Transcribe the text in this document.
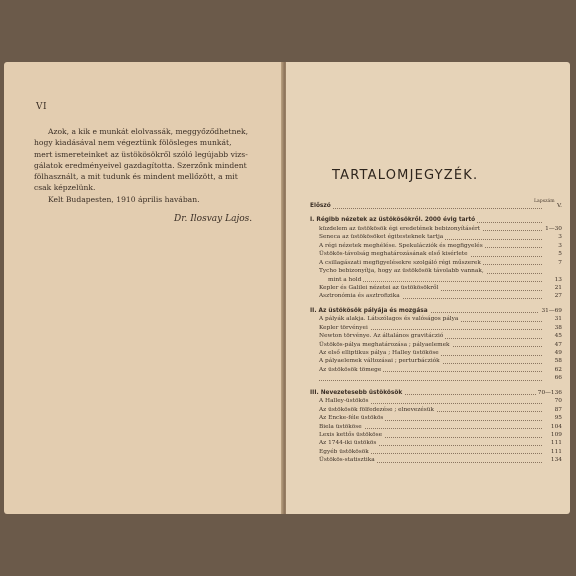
VI
Azok, a kik e munkát elolvassák, meggyőződhetnek,
hogy kiadásával nem végeztünk fölösleges munkát,
mert ismereteinket az üstökösökről szóló legújabb vizs-
gálatok eredményeivel gazdagította. Szerzőnk mindent
fölhasznált, a mit tudunk és mindent mellőzött, a mit
csak képzelünk.
Kelt Budapesten, 1910 április havában.
Dr. Ilosvay Lajos.
TARTALOMJEGYZÉK.
Lapszám
Előszó	V.
I. Régibb nézetek az üstökösökről. 2000 évig tartó
küzdelem az üstökösök égi eredetének bebizonyításért	1—30
Seneca az üstökösöket égitesteknek tartja	3
A régi nézetek meghélése. Spekulácziók és megfigyelés	3
Üstökös-távolság meghatározásának első kisérlete	5
A csillagászati megfigyelésekre szolgáló régi műszerek	7
Tycho bebizonyítja, hogy az üstökösök távolabb vannak,
mint a hold	13
Kepler és Galilei nézetei az üstökösökről	21
Asztronómia és asztrofizika	27
II. Az üstökösök pályája és mozgása	31—69
A pályák alakja. Látszólagos és valóságos pálya	31
Kepler törvényei	38
Newton törvénye. Az általános gravitáczió	45
Üstökös-pálya meghatározása ; pályaelemek	47
Az első elliptikus pálya ; Halley üstököse	49
A pályaelemek változásai ; perturbácziók	58
Az üstökösök tömege	62
66
III. Nevezetesebb üstökösök	70—136
A Halley-üstökös	70
Az üstökösök fölfedezése ; elnevezésük	87
Az Encke-féle üstökös	95
Biela üstököse	104
Lexis kettős üstököse	109
Az 1744-iki üstökös	111
Egyéb üstökösök	111
Üstökös-statisztika	134
